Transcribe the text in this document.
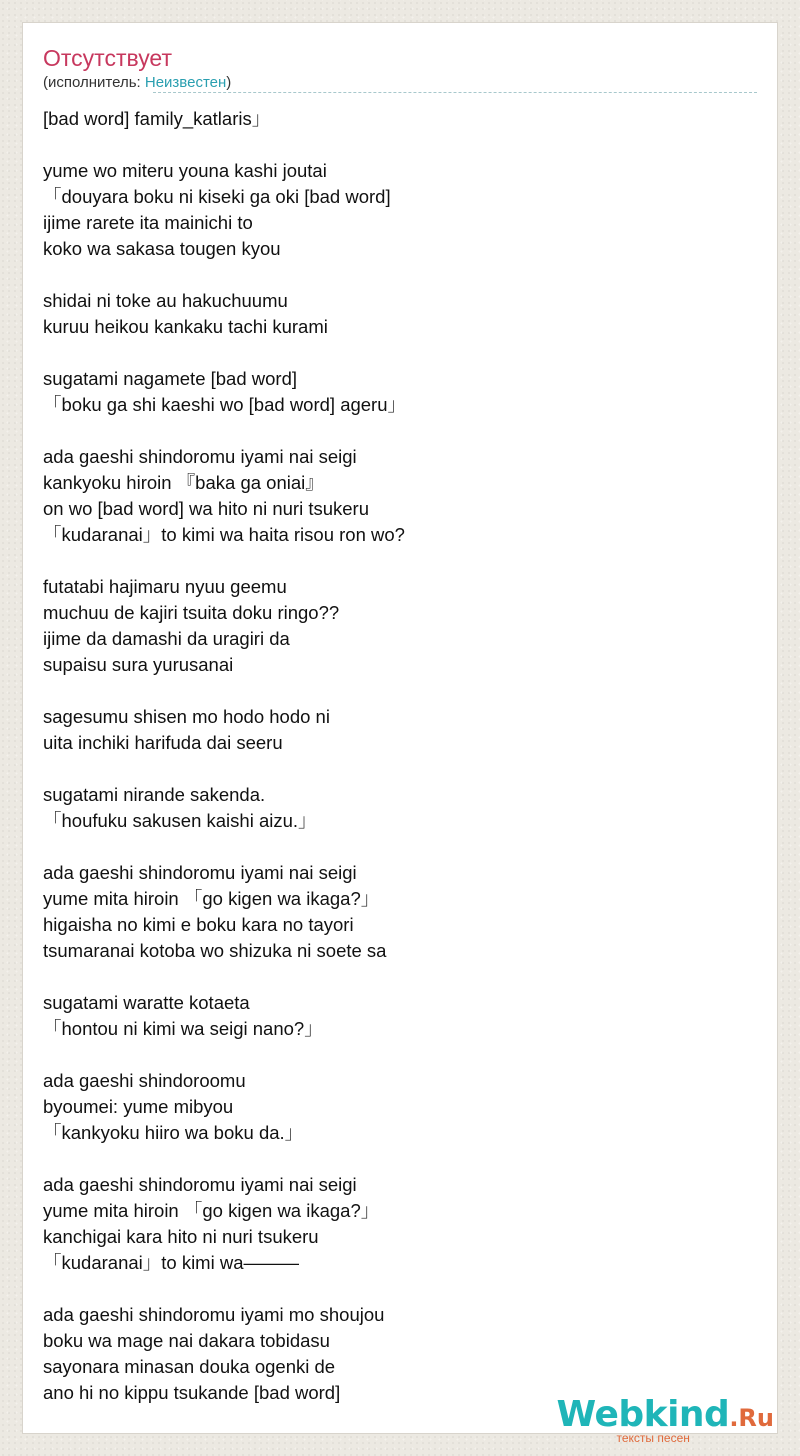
Отсутствует
(исполнитель: Неизвестен)
[bad word] family_katlaris」
yume wo miteru youna kashi joutai
「douyara boku ni kiseki ga oki [bad word]
ijime rarete ita mainichi to
koko wa sakasa tougen kyou
shidai ni toke au hakuchuumu
kuruu heikou kankaku tachi kurami
sugatami nagamete [bad word]
「boku ga shi kaeshi wo [bad word] ageru」
ada gaeshi shindoromu iyami nai seigi
kankyoku hiroin 『baka ga oniai』
on wo [bad word] wa hito ni nuri tsukeru
「kudaranai」to kimi wa haita risou ron wo?
futatabi hajimaru nyuu geemu
muchuu de kajiri tsuita doku ringo??
ijime da damashi da uragiri da
supaisu sura yurusanai
sagesumu shisen mo hodo hodo ni
uita inchiki harifuda dai seeru
sugatami nirande sakenda.
「houfuku sakusen kaishi aizu.」
ada gaeshi shindoromu iyami nai seigi
yume mita hiroin 「go kigen wa ikaga?」
higaisha no kimi e boku kara no tayori
tsumaranai kotoba wo shizuka ni soete sa
sugatami waratte kotaeta
「hontou ni kimi wa seigi nano?」
ada gaeshi shindoroomu
byoumei: yume mibyou
「kankyoku hiiro wa boku da.」
ada gaeshi shindoromu iyami nai seigi
yume mita hiroin 「go kigen wa ikaga?」
kanchigai kara hito ni nuri tsukeru
「kudaranai」to kimi wa———
ada gaeshi shindoromu iyami mo shoujou
boku wa mage nai dakara tobidasu
sayonara minasan douka ogenki de
ano hi no kippu tsukande [bad word]
Webkind.Ru
тексты песен
